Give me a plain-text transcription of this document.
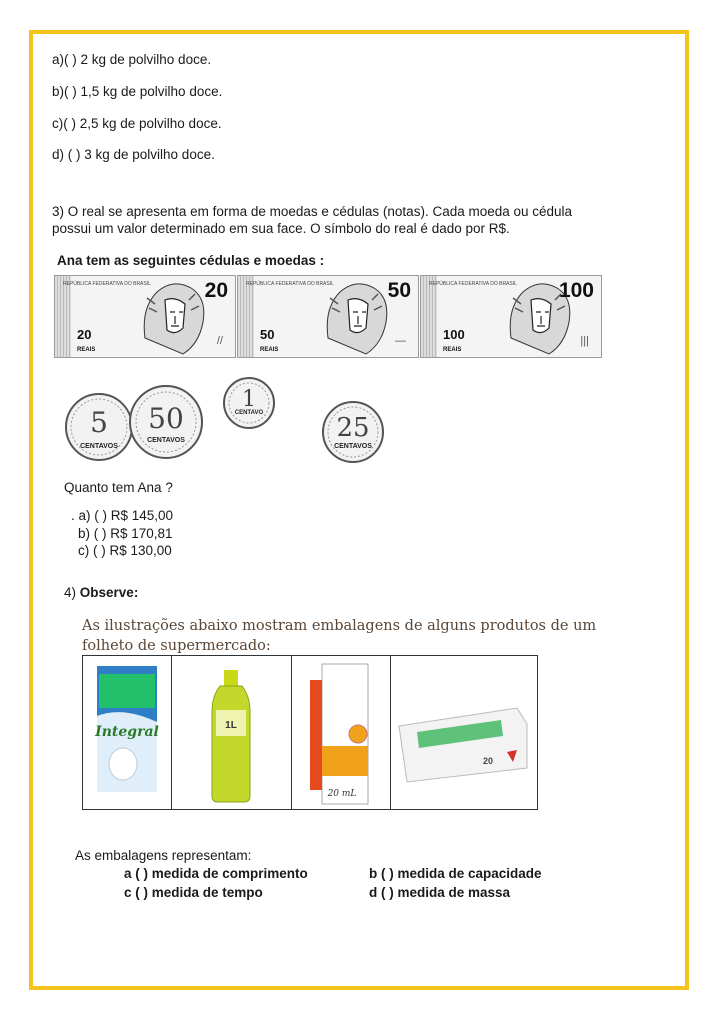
a)( ) 2 kg de polvilho doce.
b)( ) 1,5 kg de polvilho doce.
c)( ) 2,5 kg de polvilho doce.
d) ( ) 3 kg de polvilho doce.
3) O real se apresenta em forma de moedas e cédulas (notas). Cada moeda ou cédula
possui um valor determinado em sua face. O símbolo do real é dado por R$.
Ana tem as seguintes cédulas e moedas :
REPÚBLICA FEDERATIVA DO BRASIL	20
20
REAIS
//
REPÚBLICA FEDERATIVA DO BRASIL	50
50
REAIS
—
REPÚBLICA FEDERATIVA DO BRASIL 100
100
REAIS
|||
5
CENTAVOS
50
CENTAVOS
1
CENTAVO	25
CENTAVOS
Quanto tem Ana ?
. a) ( ) R$ 145,00
b) ( ) R$ 170,81
c) ( ) R$ 130,00
4) Observe:
As ilustrações abaixo mostram embalagens de alguns produtos de um
folheto de supermercado:
Integral	1L
20 mL
20
As embalagens representam:
a ( ) medida de comprimento	b ( ) medida de capacidade
c ( ) medida de tempo	d ( ) medida de massa
